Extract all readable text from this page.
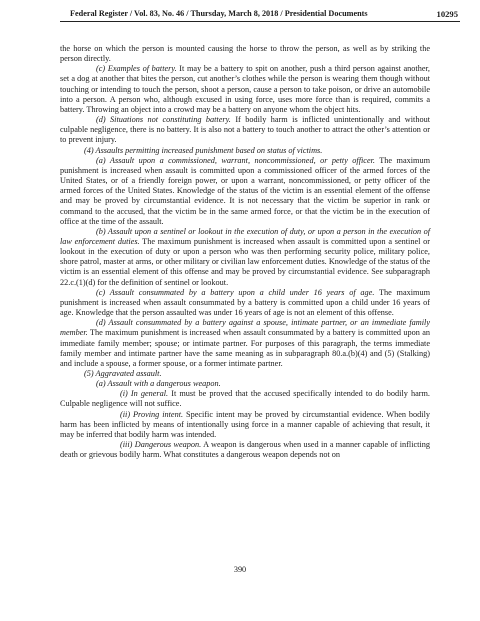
Federal Register / Vol. 83, No. 46 / Thursday, March 8, 2018 / Presidential Documents	10295

the horse on which the person is mounted causing the horse to throw the person, as well as by striking the person directly.

(c) Examples of battery. It may be a battery to spit on another, push a third person against another, set a dog at another that bites the person, cut another’s clothes while the person is wearing them though without touching or intending to touch the person, shoot a person, cause a person to take poison, or drive an automobile into a person. A person who, although excused in using force, uses more force than is required, commits a battery. Throwing an object into a crowd may be a battery on anyone whom the object hits.

(d) Situations not constituting battery. If bodily harm is inflicted unintentionally and without culpable negligence, there is no battery. It is also not a battery to touch another to attract the other’s attention or to prevent injury.

(4) Assaults permitting increased punishment based on status of victims.

(a) Assault upon a commissioned, warrant, noncommissioned, or petty officer. The maximum punishment is increased when assault is committed upon a commissioned officer of the armed forces of the United States, or of a friendly foreign power, or upon a warrant, noncommissioned, or petty officer of the armed forces of the United States. Knowledge of the status of the victim is an essential element of the offense and may be proved by circumstantial evidence. It is not necessary that the victim be superior in rank or command to the accused, that the victim be in the same armed force, or that the victim be in the execution of office at the time of the assault.

(b) Assault upon a sentinel or lookout in the execution of duty, or upon a person in the execution of law enforcement duties. The maximum punishment is increased when assault is committed upon a sentinel or lookout in the execution of duty or upon a person who was then performing security police, military police, shore patrol, master at arms, or other military or civilian law enforcement duties. Knowledge of the status of the victim is an essential element of this offense and may be proved by circumstantial evidence. See subparagraph 22.c.(1)(d) for the definition of sentinel or lookout.

(c) Assault consummated by a battery upon a child under 16 years of age. The maximum punishment is increased when assault consummated by a battery is committed upon a child under 16 years of age. Knowledge that the person assaulted was under 16 years of age is not an element of this offense.

(d) Assault consummated by a battery against a spouse, intimate partner, or an immediate family member. The maximum punishment is increased when assault consummated by a battery is committed upon an immediate family member; spouse; or intimate partner. For purposes of this paragraph, the terms immediate family member and intimate partner have the same meaning as in subparagraph 80.a.(b)(4) and (5) (Stalking) and include a spouse, a former spouse, or a former intimate partner.

(5) Aggravated assault.

(a) Assault with a dangerous weapon.

(i) In general. It must be proved that the accused specifically intended to do bodily harm. Culpable negligence will not suffice.

(ii) Proving intent. Specific intent may be proved by circumstantial evidence. When bodily harm has been inflicted by means of intentionally using force in a manner capable of achieving that result, it may be inferred that bodily harm was intended.

(iii) Dangerous weapon. A weapon is dangerous when used in a manner capable of inflicting death or grievous bodily harm. What constitutes a dangerous weapon depends not on

390
